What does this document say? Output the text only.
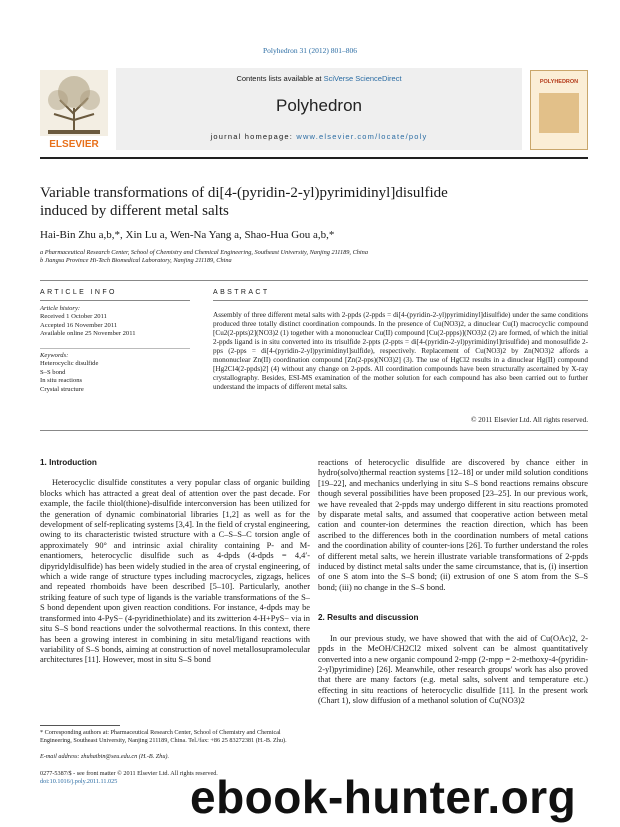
Polyhedron 31 (2012) 801–806
ELSEVIER
Contents lists available at SciVerse ScienceDirect
Polyhedron
journal homepage: www.elsevier.com/locate/poly
POLYHEDRON
Variable transformations of di[4-(pyridin-2-yl)pyrimidinyl]disulfide
induced by different metal salts
Hai-Bin Zhu a,b,*, Xin Lu a, Wen-Na Yang a, Shao-Hua Gou a,b,*
a Pharmaceutical Research Center, School of Chemistry and Chemical Engineering, Southeast University, Nanjing 211189, China
b Jiangsu Province Hi-Tech Biomedical Laboratory, Nanjing 211189, China
ARTICLE INFO
Article history:
Received 1 October 2011
Accepted 16 November 2011
Available online 25 November 2011
Keywords:
Heterocyclic disulfide
S–S bond
In situ reactions
Crystal structure
ABSTRACT
Assembly of three different metal salts with 2-ppds (2-ppds = di[4-(pyridin-2-yl)pyrimidinyl]disulfide) under the same conditions produced three totally distinct coordination compounds. In the presence of Cu(NO3)2, a dinuclear Cu(I) macrocyclic compound [Cu2(2-ppts)2](NO3)2 (1) together with a mononuclear Cu(II) compound [Cu(2-ppps)](NO3)2 (2) are formed, of which the initial 2-ppds ligand is in situ converted into its trisulfide 2-ppts (2-ppts = di[4-(pyridin-2-yl)pyrimidinyl]trisulfide) and monosulfide 2-pps (2-pps = di[4-(pyridin-2-yl)pyrimidinyl]sulfide), respectively. Replacement of Cu(NO3)2 by Zn(NO3)2 affords a mononuclear Zn(II) coordination compound [Zn(2-pps)(NO3)2] (3). The use of HgCl2 results in a dinuclear Hg(II) compound [Hg2Cl4(2-ppds)2] (4) without any change on 2-ppds. All coordination compounds have been structurally ascertained by X-ray crystallography. Besides, ESI-MS examination of the mother solution for each compound has also been carried out to further understand the impacts of different metal salts.
© 2011 Elsevier Ltd. All rights reserved.
1. Introduction

Heterocyclic disulfide constitutes a very popular class of organic building blocks which has attracted a great deal of attention over the past decade. For example, the facile thiol(thione)-disulfide interconversion has been utilized for the generation of dynamic combinatorial libraries [1,2] as well as for the development of self-replicating systems [3,4]. In the field of crystal engineering, owing to its characteristic twisted structure with a C–S–S–C torsion angle of approximately 90° and intrinsic axial chirality containing P- and M-enantiomers, heterocyclic disulfide such as 4-dpds (4-dpds = 4,4′-dipyridyldisulfide) has been widely studied in the area of crystal engineering, of which a wide range of structure types including macrocycles, zigzags, helices and repeated rhomboids have been described [5–10]. Particularly, another striking feature of such type of ligands is the variable transformations of the S–S bond dependent upon given reaction conditions. For instance, 4-dpds may be transformed into 4-PyS− (4-pyridinethiolate) and its zwitterion 4-H+PyS− via in situ S–S bond reactions under the solvothermal reactions. In this context, there has been a growing interest in combining in situ metal/ligand reactions with variability of S–S bonds, aiming at construction of novel metallosupramolecular architectures [11]. However, most in situ S–S bond

reactions of heterocyclic disulfide are discovered by chance either in hydro(solvo)thermal reaction systems [12–18] or under mild solution conditions [19–22], and mechanics underlying in situ S–S bond reactions remains obscure though several possibilities have been proposed [23–25]. In our previous work, we have revealed that 2-ppds may undergo different in situ reactions promoted by disparate metal salts, and assumed that cooperative action between metal cation and counter-ion determines the reaction direction, which has been ascribed to the differences both in the coordination numbers of metal cations and the coordination ability of counter-ions [26]. To further understand the roles of different metal salts, we herein illustrate variable transformations of 2-ppds induced by distinct metal salts under the same circumstance, that is, (i) insertion of one S atom into the S–S bond; (ii) extrusion of one S atom from the S–S bond; (iii) no change in the S–S bond.

2. Results and discussion

In our previous study, we have showed that with the aid of Cu(OAc)2, 2-ppds in the MeOH/CH2Cl2 mixed solvent can be almost quantitatively converted into a new organic compound 2-mpp (2-mpp = 2-methoxy-4-(pyridin-2-yl)pyrimidine) [26]. Meanwhile, other research groups' work has also proved that there are many factors (e.g. metal salts, solvent and temperature etc.) effecting in situ reactions of heterocyclic disulfide [11]. In the present work (Chart 1), slow diffusion of a methanol solution of Cu(NO3)2

* Corresponding authors at: Pharmaceutical Research Center, School of Chemistry and Chemical Engineering, Southeast University, Nanjing 211189, China. Tel./fax: +86 25 83272381 (H.-B. Zhu).
E-mail address: zhuhaibin@seu.edu.cn (H.-B. Zhu).
0277-5387/$ - see front matter © 2011 Elsevier Ltd. All rights reserved.
doi:10.1016/j.poly.2011.11.025	ebook-hunter.org
